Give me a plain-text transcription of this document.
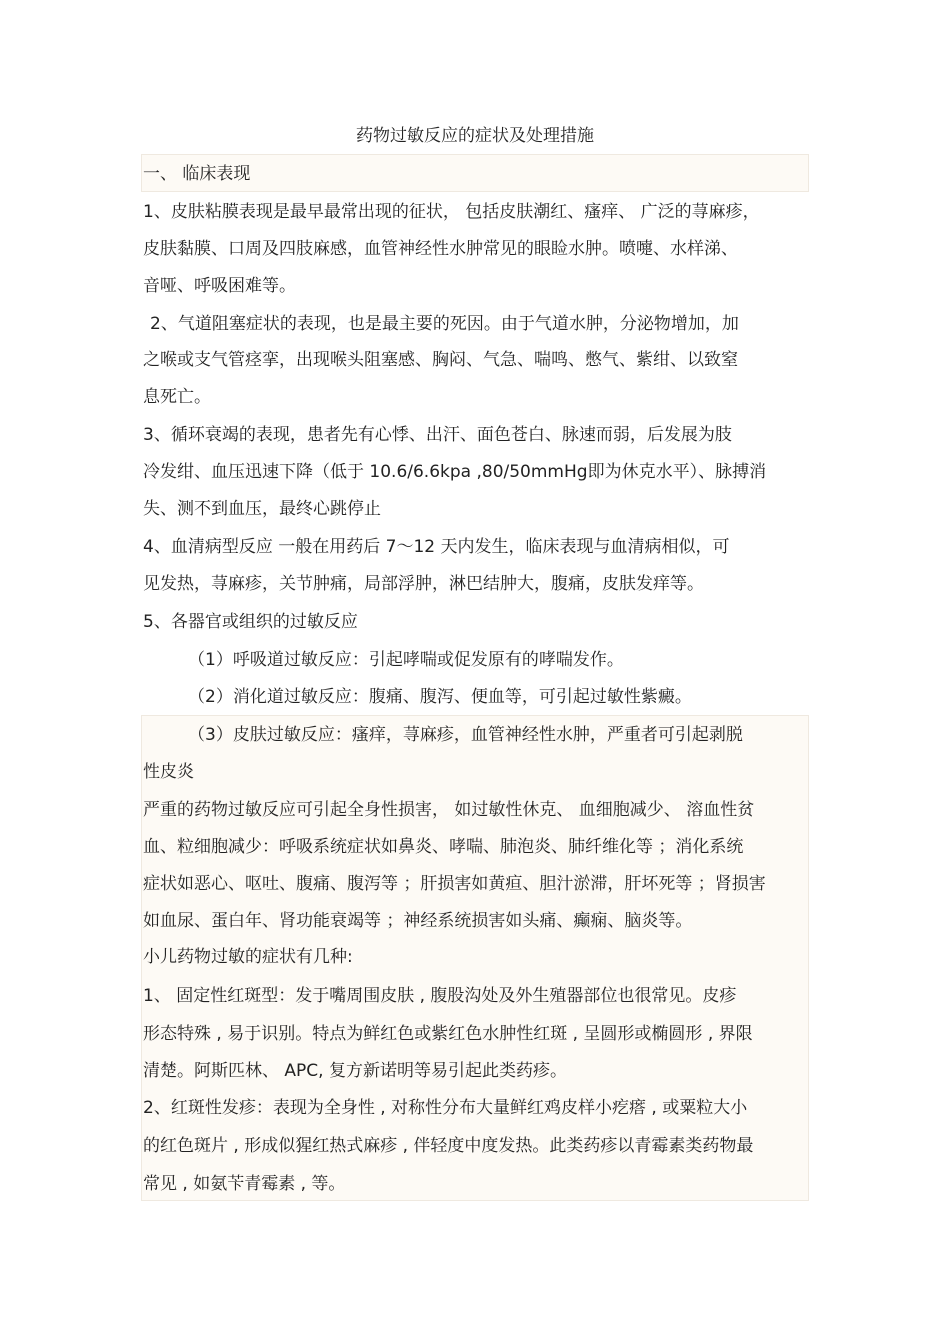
药物过敏反应的症状及处理措施
一、 临床表现
1、皮肤粘膜表现是最早最常出现的征状， 包括皮肤潮红、瘙痒、 广泛的荨麻疹，
皮肤黏膜、口周及四肢麻感，血管神经性水肿常见的眼睑水肿。喷嚏、水样涕、
音哑、呼吸困难等。
2、气道阻塞症状的表现，也是最主要的死因。由于气道水肿，分泌物增加，加
之喉或支气管痉挛，出现喉头阻塞感、胸闷、气急、喘鸣、憋气、紫绀、以致窒
息死亡。
3、循环衰竭的表现，患者先有心悸、出汗、面色苍白、脉速而弱，后发展为肢
冷发绀、血压迅速下降（低于 10.6/6.6kpa ,80/50mmHg即为休克水平）、脉搏消
失、测不到血压，最终心跳停止
4、血清病型反应 一般在用药后 7～12 天内发生，临床表现与血清病相似，可
见发热，荨麻疹，关节肿痛，局部浮肿，淋巴结肿大，腹痛，皮肤发痒等。
5、各器官或组织的过敏反应
（1）呼吸道过敏反应：引起哮喘或促发原有的哮喘发作。
（2）消化道过敏反应：腹痛、腹泻、便血等，可引起过敏性紫癜。
（3）皮肤过敏反应：瘙痒，荨麻疹，血管神经性水肿，严重者可引起剥脱
性皮炎
严重的药物过敏反应可引起全身性损害， 如过敏性休克、 血细胞减少、 溶血性贫
血、粒细胞减少：呼吸系统症状如鼻炎、哮喘、肺泡炎、肺纤维化等 ；消化系统
症状如恶心、呕吐、腹痛、腹泻等 ；肝损害如黄疸、胆汁淤滞，肝坏死等 ；肾损害
如血尿、蛋白年、肾功能衰竭等 ；神经系统损害如头痛、癫痫、脑炎等。
小儿药物过敏的症状有几种:
1、 固定性红斑型：发于嘴周围皮肤 , 腹股沟处及外生殖器部位也很常见。皮疹
形态特殊 , 易于识别。特点为鲜红色或紫红色水肿性红斑 , 呈圆形或椭圆形 , 界限
清楚。阿斯匹林、 APC, 复方新诺明等易引起此类药疹。
2、红斑性发疹：表现为全身性 , 对称性分布大量鲜红鸡皮样小疙瘩 , 或粟粒大小
的红色斑片 , 形成似猩红热式麻疹 , 伴轻度中度发热。此类药疹以青霉素类药物最
常见 , 如氨苄青霉素 , 等。
